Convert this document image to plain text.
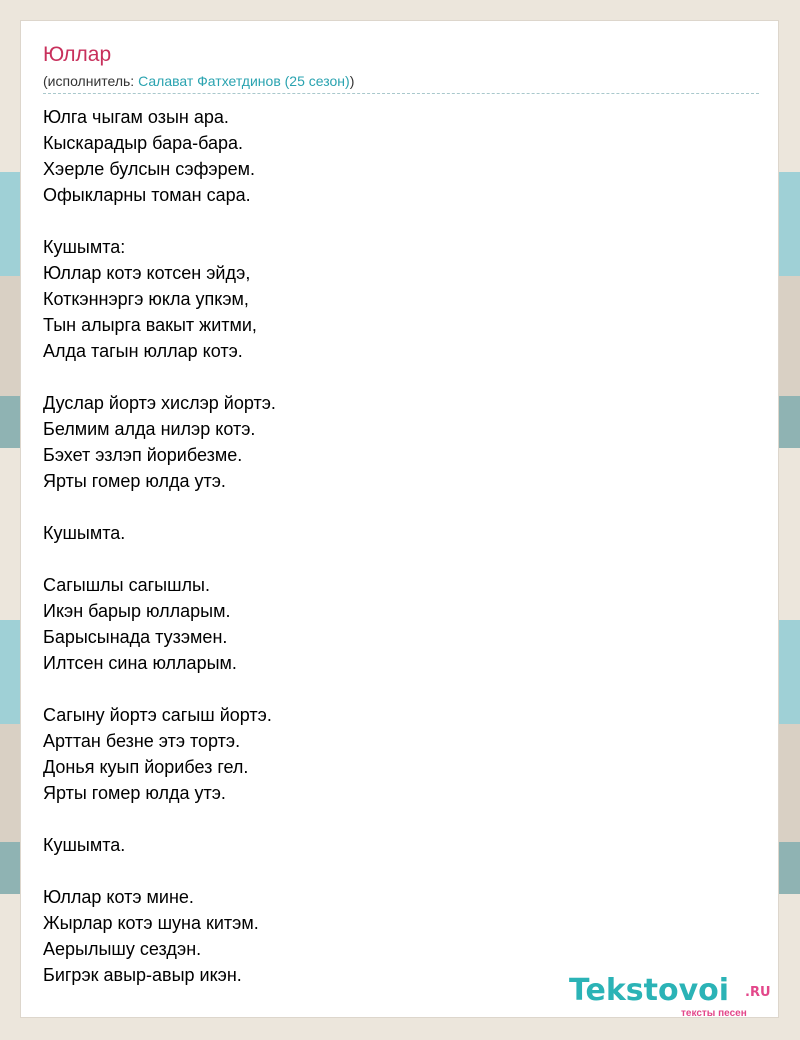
Юллар
(исполнитель: Салават Фатхетдинов (25 сезон))
Юлга чыгам озын ара.
Кыскарадыр бара-бара.
Хэерле булсын сэфэрем.
Офыкларны томан сара.
Кушымта:
Юллар котэ котсен эйдэ,
Коткэннэргэ юкла упкэм,
Тын алырга вакыт житми,
Алда тагын юллар котэ.
Дуслар йортэ хислэр йортэ.
Белмим алда нилэр котэ.
Бэхет эзлэп йорибезме.
Ярты гомер юлда утэ.
Кушымта.
Сагышлы сагышлы.
Икэн барыр юлларым.
Барысынада тузэмен.
Илтсен сина юлларым.
Сагыну йортэ сагыш йортэ.
Арттан безне этэ тортэ.
Донья куып йорибез гел.
Ярты гомер юлда утэ.
Кушымта.
Юллар котэ мине.
Жырлар котэ шуна китэм.
Аерылышу сездэн.
Бигрэк авыр-авыр икэн.	Tekstovoi .RU
тексты песен
